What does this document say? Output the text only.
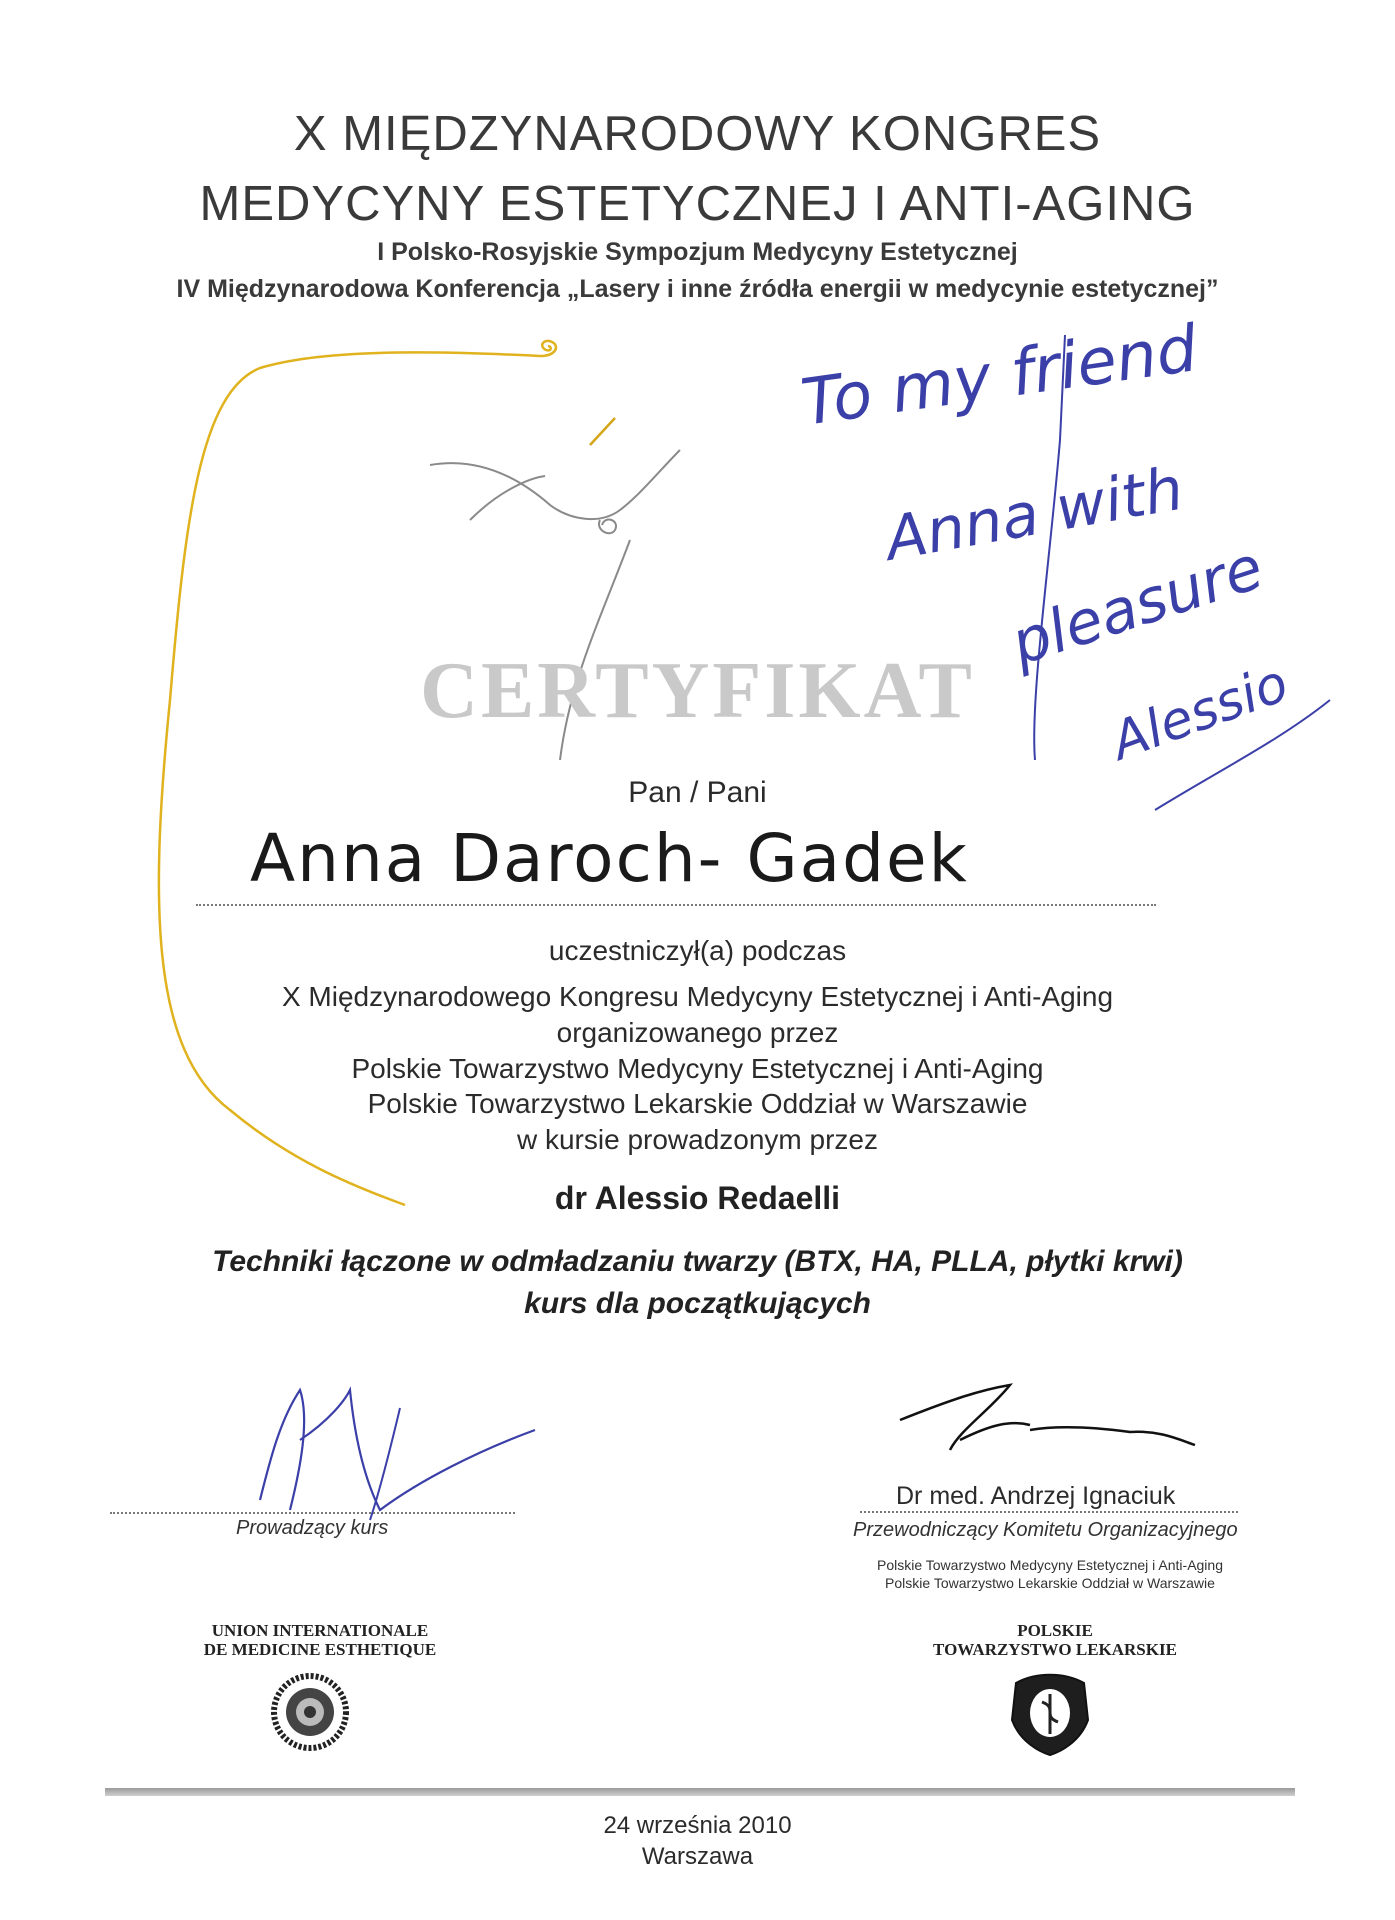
X MIĘDZYNARODOWY KONGRES
MEDYCYNY ESTETYCZNEJ I ANTI-AGING
I Polsko-Rosyjskie Sympozjum Medycyny Estetycznej
IV Międzynarodowa Konferencja „Lasery i inne źródła energii w medycynie estetycznej”
CERTYFIKAT
Pan / Pani
Anna Daroch- Gadek
uczestniczył(a) podczas
X Międzynarodowego Kongresu Medycyny Estetycznej i Anti-Aging
organizowanego przez
Polskie Towarzystwo Medycyny Estetycznej i Anti-Aging
Polskie Towarzystwo Lekarskie Oddział w Warszawie
w kursie prowadzonym przez
dr Alessio Redaelli
Techniki łączone w odmładzaniu twarzy (BTX, HA, PLLA, płytki krwi)
kurs dla początkujących
To my friend
Anna with
pleasure
Alessio
Prowadzący kurs
Dr med. Andrzej Ignaciuk
Przewodniczący Komitetu Organizacyjnego
Polskie Towarzystwo Medycyny Estetycznej i Anti-Aging
Polskie Towarzystwo Lekarskie Oddział w Warszawie
UNION INTERNATIONALE
DE MEDICINE ESTHETIQUE
POLSKIE
TOWARZYSTWO LEKARSKIE
24 września 2010
Warszawa
